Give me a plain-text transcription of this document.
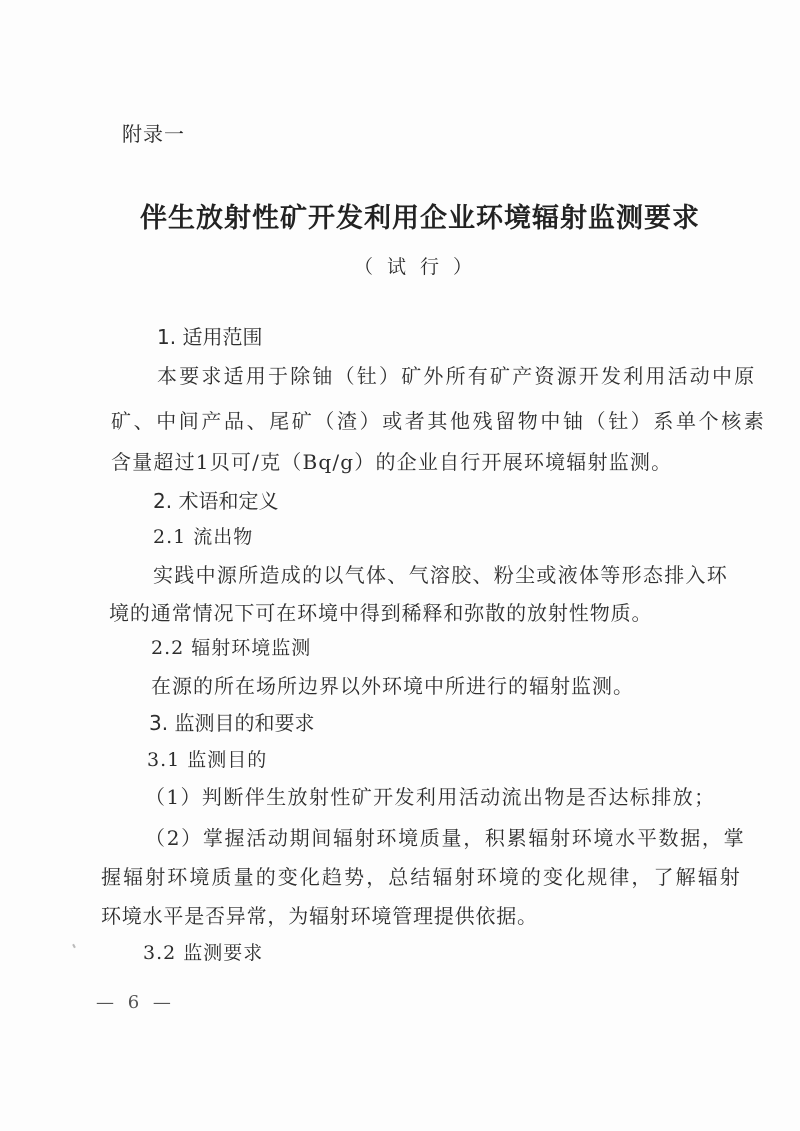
附录一
伴生放射性矿开发利用企业环境辐射监测要求
（试行）
1. 适用范围
本要求适用于除铀（钍）矿外所有矿产资源开发利用活动中原
矿、中间产品、尾矿（渣）或者其他残留物中铀（钍）系单个核素
含量超过1贝可/克（Bq/g）的企业自行开展环境辐射监测。
2. 术语和定义
2.1 流出物
实践中源所造成的以气体、气溶胶、粉尘或液体等形态排入环
境的通常情况下可在环境中得到稀释和弥散的放射性物质。
2.2 辐射环境监测
在源的所在场所边界以外环境中所进行的辐射监测。
3. 监测目的和要求
3.1 监测目的
（1）判断伴生放射性矿开发利用活动流出物是否达标排放；
（2）掌握活动期间辐射环境质量，积累辐射环境水平数据，掌
握辐射环境质量的变化趋势，总结辐射环境的变化规律，了解辐射
环境水平是否异常，为辐射环境管理提供依据。
3.2 监测要求
— 6 —
